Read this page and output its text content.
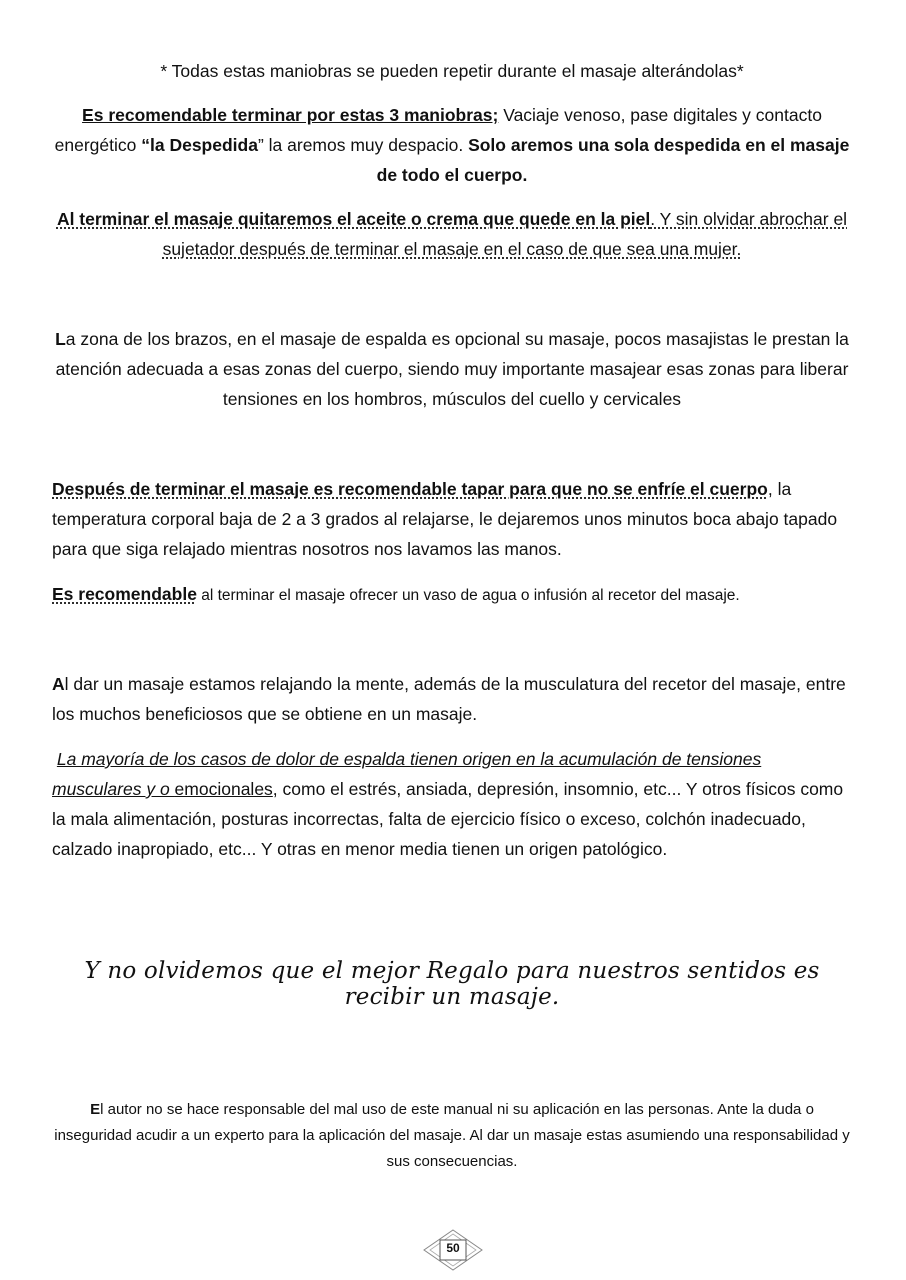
* Todas estas maniobras se pueden repetir durante el masaje alterándolas*

Es recomendable terminar por estas 3 maniobras; Vaciaje venoso, pase digitales y contacto energético “la Despedida” la aremos muy despacio. Solo aremos una sola despedida en el masaje de todo el cuerpo.

Al terminar el masaje quitaremos el aceite o crema que quede en la piel. Y sin olvidar abrochar el sujetador después de terminar el masaje en el caso de que sea una mujer.

La zona de los brazos, en el masaje de espalda es opcional su masaje, pocos masajistas le prestan la atención adecuada a esas zonas del cuerpo, siendo muy importante masajear esas zonas para liberar tensiones en los hombros, músculos del cuello y cervicales

Después de terminar el masaje es recomendable tapar para que no se enfríe el cuerpo, la temperatura corporal baja de 2 a 3 grados al relajarse, le dejaremos unos minutos boca abajo tapado para que siga relajado mientras nosotros nos lavamos las manos.

Es recomendable al terminar el masaje ofrecer un vaso de agua o infusión al recetor del masaje.

Al dar un masaje estamos relajando la mente, además de la musculatura del recetor del masaje, entre los muchos beneficiosos que se obtiene en un masaje.

La mayoría de los casos de dolor de espalda tienen origen en la acumulación de tensiones musculares y o emocionales, como el estrés, ansiada, depresión, insomnio, etc... Y otros físicos como la mala alimentación, posturas incorrectas, falta de ejercicio físico o exceso, colchón inadecuado, calzado inapropiado, etc... Y otras en menor media tienen un origen patológico.

Y no olvidemos que el mejor Regalo para nuestros sentidos es recibir un masaje.

El autor no se hace responsable del mal uso de este manual ni su aplicación en las personas. Ante la duda o inseguridad acudir a un experto para la aplicación del masaje. Al dar un masaje estas asumiendo una responsabilidad y sus consecuencias.

50
